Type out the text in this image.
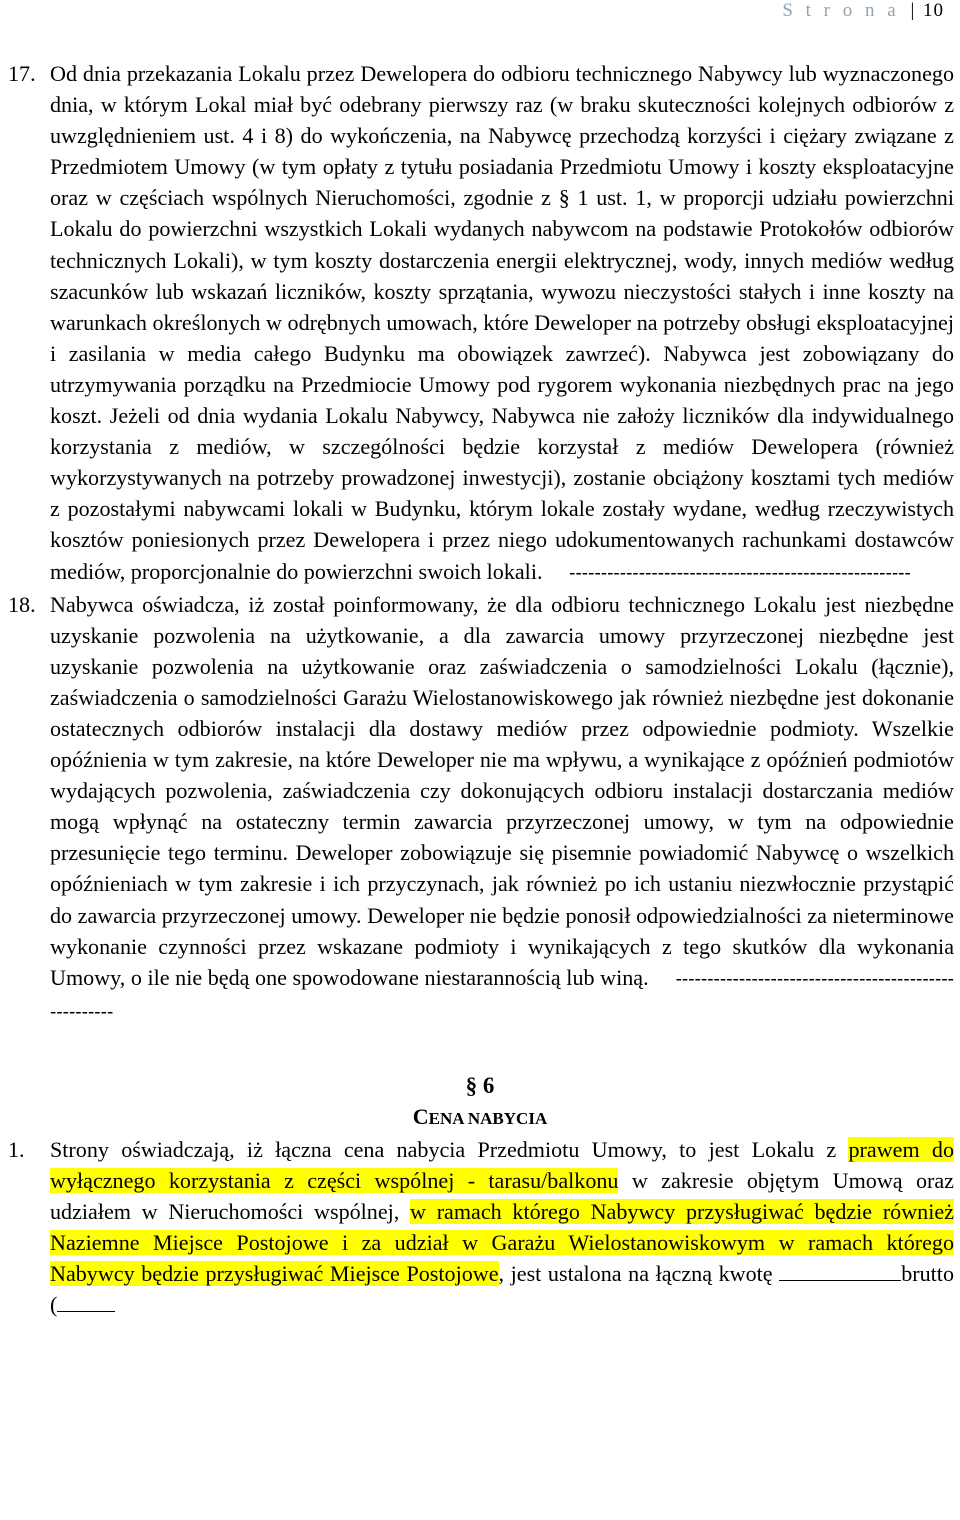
S t r o n a | 10
17. Od dnia przekazania Lokalu przez Dewelopera do odbioru technicznego Nabywcy lub wyznaczonego dnia, w którym Lokal miał być odebrany pierwszy raz (w braku skuteczności kolejnych odbiorów z uwzględnieniem ust. 4 i 8) do wykończenia, na Nabywcę przechodzą korzyści i ciężary związane z Przedmiotem Umowy (w tym opłaty z tytułu posiadania Przedmiotu Umowy i koszty eksploatacyjne oraz w częściach wspólnych Nieruchomości, zgodnie z § 1 ust. 1, w proporcji udziału powierzchni Lokalu do powierzchni wszystkich Lokali wydanych nabywcom na podstawie Protokołów odbiorów technicznych Lokali), w tym koszty dostarczenia energii elektrycznej, wody, innych mediów według szacunków lub wskazań liczników, koszty sprzątania, wywozu nieczystości stałych i inne koszty na warunkach określonych w odrębnych umowach, które Deweloper na potrzeby obsługi eksploatacyjnej i zasilania w media całego Budynku ma obowiązek zawrzeć). Nabywca jest zobowiązany do utrzymywania porządku na Przedmiocie Umowy pod rygorem wykonania niezbędnych prac na jego koszt. Jeżeli od dnia wydania Lokalu Nabywcy, Nabywca nie założy liczników dla indywidualnego korzystania z mediów, w szczególności będzie korzystał z mediów Dewelopera (również wykorzystywanych na potrzeby prowadzonej inwestycji), zostanie obciążony kosztami tych mediów z pozostałymi nabywcami lokali w Budynku, którym lokale zostały wydane, według rzeczywistych kosztów poniesionych przez Dewelopera i przez niego udokumentowanych rachunkami dostawców mediów, proporcjonalnie do powierzchni swoich lokali. ------------------------------------------------------
18. Nabywca oświadcza, iż został poinformowany, że dla odbioru technicznego Lokalu jest niezbędne uzyskanie pozwolenia na użytkowanie, a dla zawarcia umowy przyrzeczonej niezbędne jest uzyskanie pozwolenia na użytkowanie oraz zaświadczenia o samodzielności Lokalu (łącznie), zaświadczenia o samodzielności Garażu Wielostanowiskowego jak również niezbędne jest dokonanie ostatecznych odbiorów instalacji dla dostawy mediów przez odpowiednie podmioty. Wszelkie opóźnienia w tym zakresie, na które Deweloper nie ma wpływu, a wynikające z opóźnień podmiotów wydających pozwolenia, zaświadczenia czy dokonujących odbioru instalacji dostarczania mediów mogą wpłynąć na ostateczny termin zawarcia przyrzeczonej umowy, w tym na odpowiednie przesunięcie tego terminu. Deweloper zobowiązuje się pisemnie powiadomić Nabywcę o wszelkich opóźnieniach w tym zakresie i ich przyczynach, jak również po ich ustaniu niezwłocznie przystąpić do zawarcia przyrzeczonej umowy. Deweloper nie będzie ponosił odpowiedzialności za nieterminowe wykonanie czynności przez wskazane podmioty i wynikających z tego skutków dla wykonania Umowy, o ile nie będą one spowodowane niestarannością lub winą. ------------------------------------------------------
§ 6
CENA NABYCIA
1. Strony oświadczają, iż łączna cena nabycia Przedmiotu Umowy, to jest Lokalu z prawem do wyłącznego korzystania z części wspólnej - tarasu/balkonu w zakresie objętym Umową oraz udziałem w Nieruchomości wspólnej, w ramach którego Nabywcy przysługiwać będzie również Naziemne Miejsce Postojowe i za udział w Garażu Wielostanowiskowym w ramach którego Nabywcy będzie przysługiwać Miejsce Postojowe, jest ustalona na łączną kwotę	brutto (
